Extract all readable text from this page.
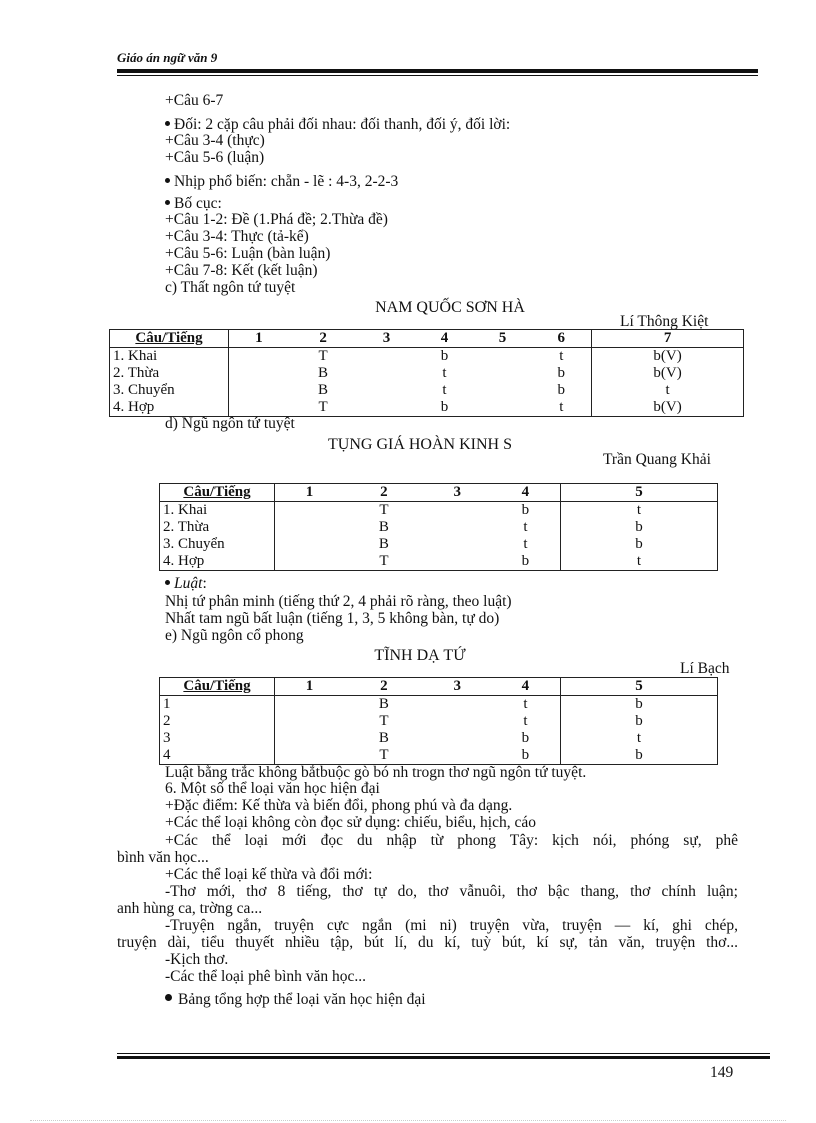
Giáo án ngữ văn 9
+Câu 6-7
Đối: 2 cặp câu phải đối nhau: đối thanh, đối ý, đối lời:
+Câu 3-4 (thực)
+Câu 5-6 (luận)
Nhịp phổ biến: chẵn - lẽ : 4-3, 2-2-3
Bố cục:
+Câu 1-2: Đề (1.Phá đề; 2.Thừa đề)
+Câu 3-4: Thực (tả-kể)
+Câu 5-6: Luận (bàn luận)
+Câu 7-8: Kết (kết luận)
c) Thất ngôn tứ tuyệt
NAM QUỐC SƠN HÀ
Lí Thông Kiệt
Câu/Tiếng	1	2	3	4	5	6	7
1. Khai		T		b		t	b(V)
2. Thừa		B		t		b	b(V)
3. Chuyển		B		t		b	t
4. Hợp		T		b		t	b(V)
d) Ngũ ngôn tứ tuyệt
TỤNG GIÁ HOÀN KINH S
Trần Quang Khải
Câu/Tiếng	1	2	3	4	5
1. Khai		T		b	t
2. Thừa		B		t	b
3. Chuyển		B		t	b
4. Hợp		T		b	t
Luật:
Nhị tứ phân minh (tiếng thứ 2, 4 phải rõ ràng, theo luật)
Nhất tam ngũ bất luận (tiếng 1, 3, 5 không bàn, tự do)
e) Ngũ ngôn cổ phong
TĨNH DẠ TỨ
Lí Bạch
Câu/Tiếng	1	2	3	4	5
1		B		t	b
2		T		t	b
3		B		b	t
4		T		b	b
Luật bằng trắc không bắtbuộc gò bó nh trogn thơ ngũ ngôn tứ tuyệt.
6. Một số thể loại văn học hiện đại
+Đặc điểm: Kế thừa và biến đổi, phong phú và đa dạng.
+Các thể loại không còn đọc sử dụng: chiếu, biểu, hịch, cáo
+Các thể loại mới đọc du nhập từ phong Tây: kịch nói, phóng sự, phê
bình văn học...
+Các thể loại kế thừa và đổi mới:
-Thơ mới, thơ 8 tiếng, thơ tự do, thơ vẫnuôi, thơ bậc thang, thơ chính luận;
anh hùng ca, trờng ca...
-Truyện ngắn, truyện cực ngắn (mi ni) truyện vừa, truyện — kí, ghi chép,
truyện dài, tiểu thuyết nhiều tập, bút lí, du kí, tuỳ bút, kí sự, tản văn, truyện thơ...
-Kịch thơ.
-Các thể loại phê bình văn học...
Bảng tổng hợp thể loại văn học hiện đại
149
